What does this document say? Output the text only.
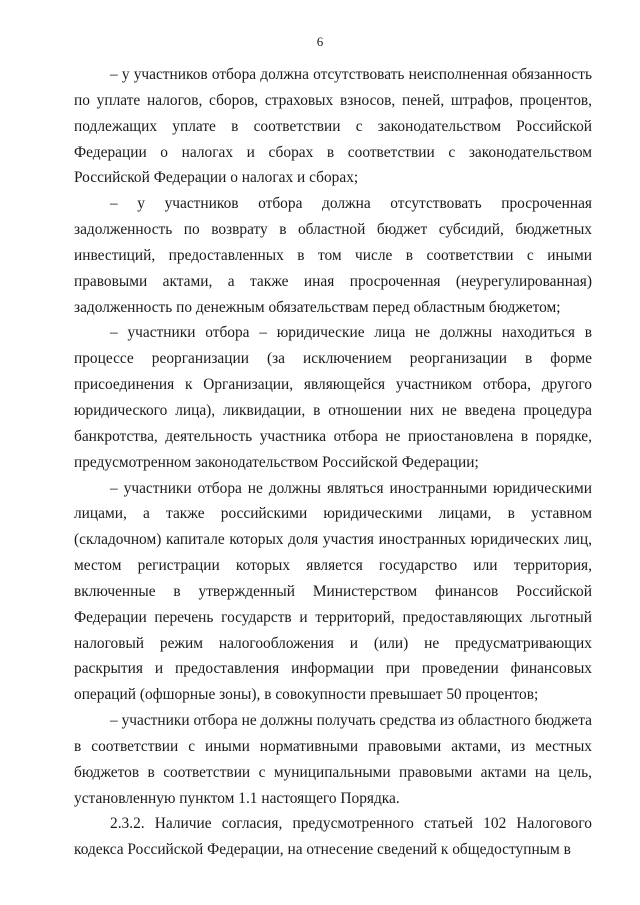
6

– у участников отбора должна отсутствовать неисполненная обязанность по уплате налогов, сборов, страховых взносов, пеней, штрафов, процентов, подлежащих уплате в соответствии с законодательством Российской Федерации о налогах и сборах в соответствии с законодательством Российской Федерации о налогах и сборах;

– у участников отбора должна отсутствовать просроченная задолженность по возврату в областной бюджет субсидий, бюджетных инвестиций, предоставленных в том числе в соответствии с иными правовыми актами, а также иная просроченная (неурегулированная) задолженность по денежным обязательствам перед областным бюджетом;

– участники отбора – юридические лица не должны находиться в процессе реорганизации (за исключением реорганизации в форме присоединения к Организации, являющейся участником отбора, другого юридического лица), ликвидации, в отношении них не введена процедура банкротства, деятельность участника отбора не приостановлена в порядке, предусмотренном законодательством Российской Федерации;

– участники отбора не должны являться иностранными юридическими лицами, а также российскими юридическими лицами, в уставном (складочном) капитале которых доля участия иностранных юридических лиц, местом регистрации которых является государство или территория, включенные в утвержденный Министерством финансов Российской Федерации перечень государств и территорий, предоставляющих льготный налоговый режим налогообложения и (или) не предусматривающих раскрытия и предоставления информации при проведении финансовых операций (офшорные зоны), в совокупности превышает 50 процентов;

– участники отбора не должны получать средства из областного бюджета в соответствии с иными нормативными правовыми актами, из местных бюджетов в соответствии с муниципальными правовыми актами на цель, установленную пунктом 1.1 настоящего Порядка.

2.3.2. Наличие согласия, предусмотренного статьей 102 Налогового кодекса Российской Федерации, на отнесение сведений к общедоступным в
